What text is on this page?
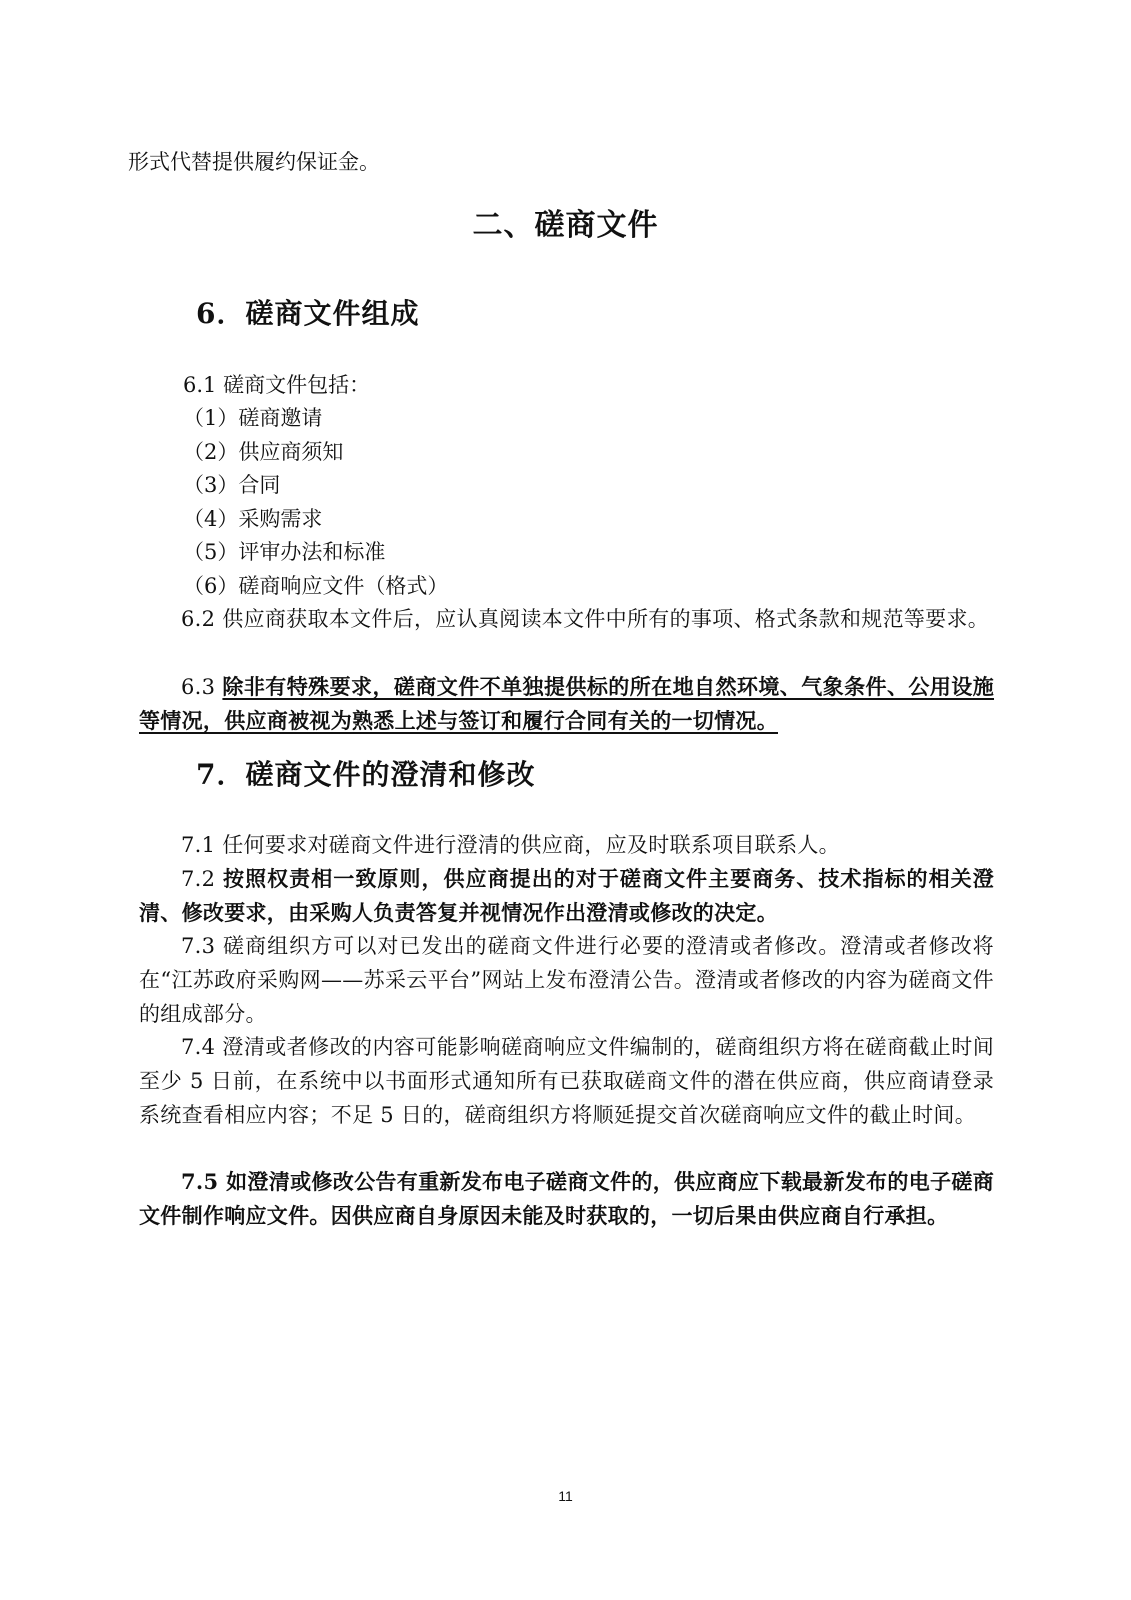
形式代替提供履约保证金。
二、磋商文件
6．磋商文件组成
6.1 磋商文件包括：
（1）磋商邀请
（2）供应商须知
（3）合同
（4）采购需求
（5）评审办法和标准
（6）磋商响应文件（格式）
6.2 供应商获取本文件后，应认真阅读本文件中所有的事项、格式条款和规范等要求。
6.3 除非有特殊要求，磋商文件不单独提供标的所在地自然环境、气象条件、公用设施等情况，供应商被视为熟悉上述与签订和履行合同有关的一切情况。
7．磋商文件的澄清和修改
7.1 任何要求对磋商文件进行澄清的供应商，应及时联系项目联系人。
7.2 按照权责相一致原则，供应商提出的对于磋商文件主要商务、技术指标的相关澄清、修改要求，由采购人负责答复并视情况作出澄清或修改的决定。
7.3 磋商组织方可以对已发出的磋商文件进行必要的澄清或者修改。澄清或者修改将在“江苏政府采购网——苏采云平台”网站上发布澄清公告。澄清或者修改的内容为磋商文件的组成部分。
7.4 澄清或者修改的内容可能影响磋商响应文件编制的，磋商组织方将在磋商截止时间至少 5 日前，在系统中以书面形式通知所有已获取磋商文件的潜在供应商，供应商请登录系统查看相应内容；不足 5 日的，磋商组织方将顺延提交首次磋商响应文件的截止时间。
7.5 如澄清或修改公告有重新发布电子磋商文件的，供应商应下载最新发布的电子磋商文件制作响应文件。因供应商自身原因未能及时获取的，一切后果由供应商自行承担。
11
